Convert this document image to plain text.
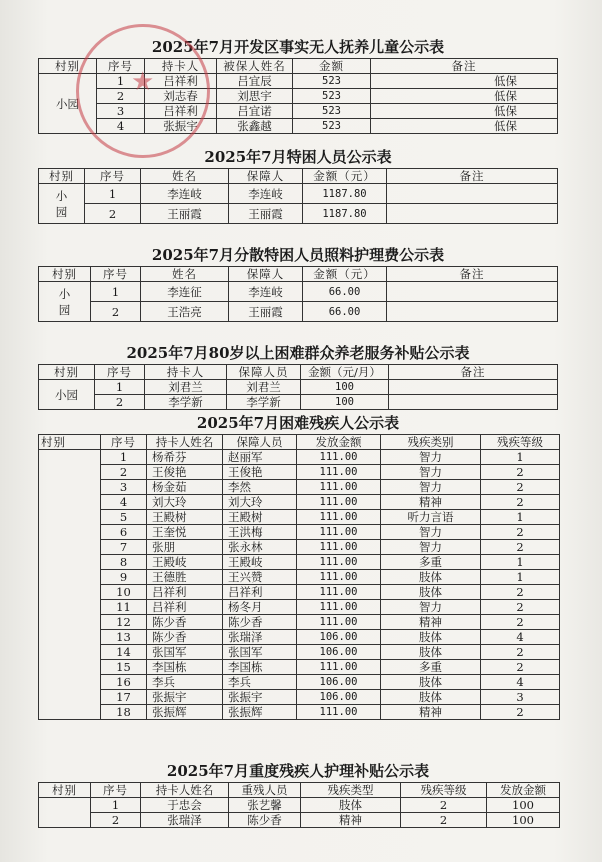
2025年7月开发区事实无人抚养儿童公示表
村别	序号	持卡人	被保人姓名	金额	备注
小园	1	吕祥利	吕宜辰	523	低保
	2	刘志春	刘思宇	523	低保
	3	吕祥利	吕宜诺	523	低保
	4	张振宇	张鑫越	523	低保
2025年7月特困人员公示表
村别	序号	姓名	保障人	金额（元）	备注

小
园	1	李连岐	李连岐	1187.80	
	2	王丽霞	王丽霞	1187.80	
2025年7月分散特困人员照料护理费公示表
村别	序号	姓名	保障人	金额（元）	备注

小
园	1	李连征	李连岐	66.00	
	2	王浩亮	王丽霞	66.00	
2025年7月80岁以上困难群众养老服务补贴公示表
村别	序号	持卡人	保障人员	金额（元/月）	备注
小园	1	刘君兰	刘君兰	100	
	2	李学新	李学新	100	
2025年7月困难残疾人公示表
村别	序号	持卡人姓名	保障人员	发放金额	残疾类别	残疾等级
	1	杨希芬	赵丽军	111.00	智力	1
	2	王俊艳	王俊艳	111.00	智力	2
	3	杨金茹	李然	111.00	智力	2
	4	刘大玲	刘大玲	111.00	精神	2
	5	王殿树	王殿树	111.00	听力言语	1
	6	王奎悦	王洪梅	111.00	智力	2
	7	张朋	张永林	111.00	智力	2
	8	王殿岐	王殿岐	111.00	多重	1
	9	王德胜	王兴赞	111.00	肢体	1
	10	吕祥利	吕祥利	111.00	肢体	2
	11	吕祥利	杨冬月	111.00	智力	2
	12	陈少香	陈少香	111.00	精神	2
	13	陈少香	张瑞泽	106.00	肢体	4
	14	张国军	张国军	106.00	肢体	2
	15	李国栋	李国栋	111.00	多重	2
	16	李兵	李兵	106.00	肢体	4
	17	张振宇	张振宇	106.00	肢体	3
	18	张振辉	张振辉	111.00	精神	2
2025年7月重度残疾人护理补贴公示表
村别	序号	持卡人姓名	重残人员	残疾类型	残疾等级	发放金额
	1	于忠会	张艺馨	肢体	2	100
	2	张瑞泽	陈少香	精神	2	100
★
